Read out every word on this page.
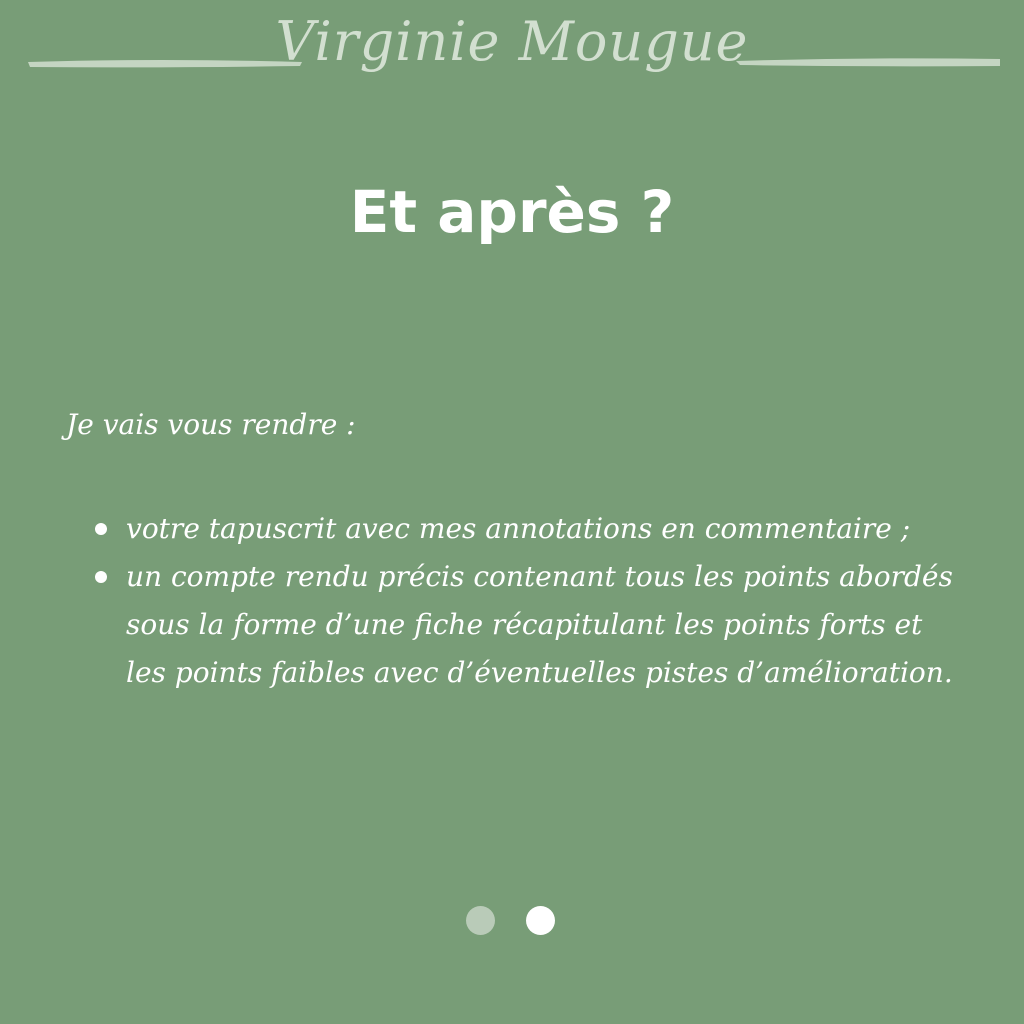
Virginie Mougue
Et après ?
Je vais vous rendre :
votre tapuscrit avec mes annotations en commentaire ;
un compte rendu précis contenant tous les points abordés sous la forme d’une fiche récapitulant les points forts et les points faibles avec d’éventuelles pistes d’amélioration.
